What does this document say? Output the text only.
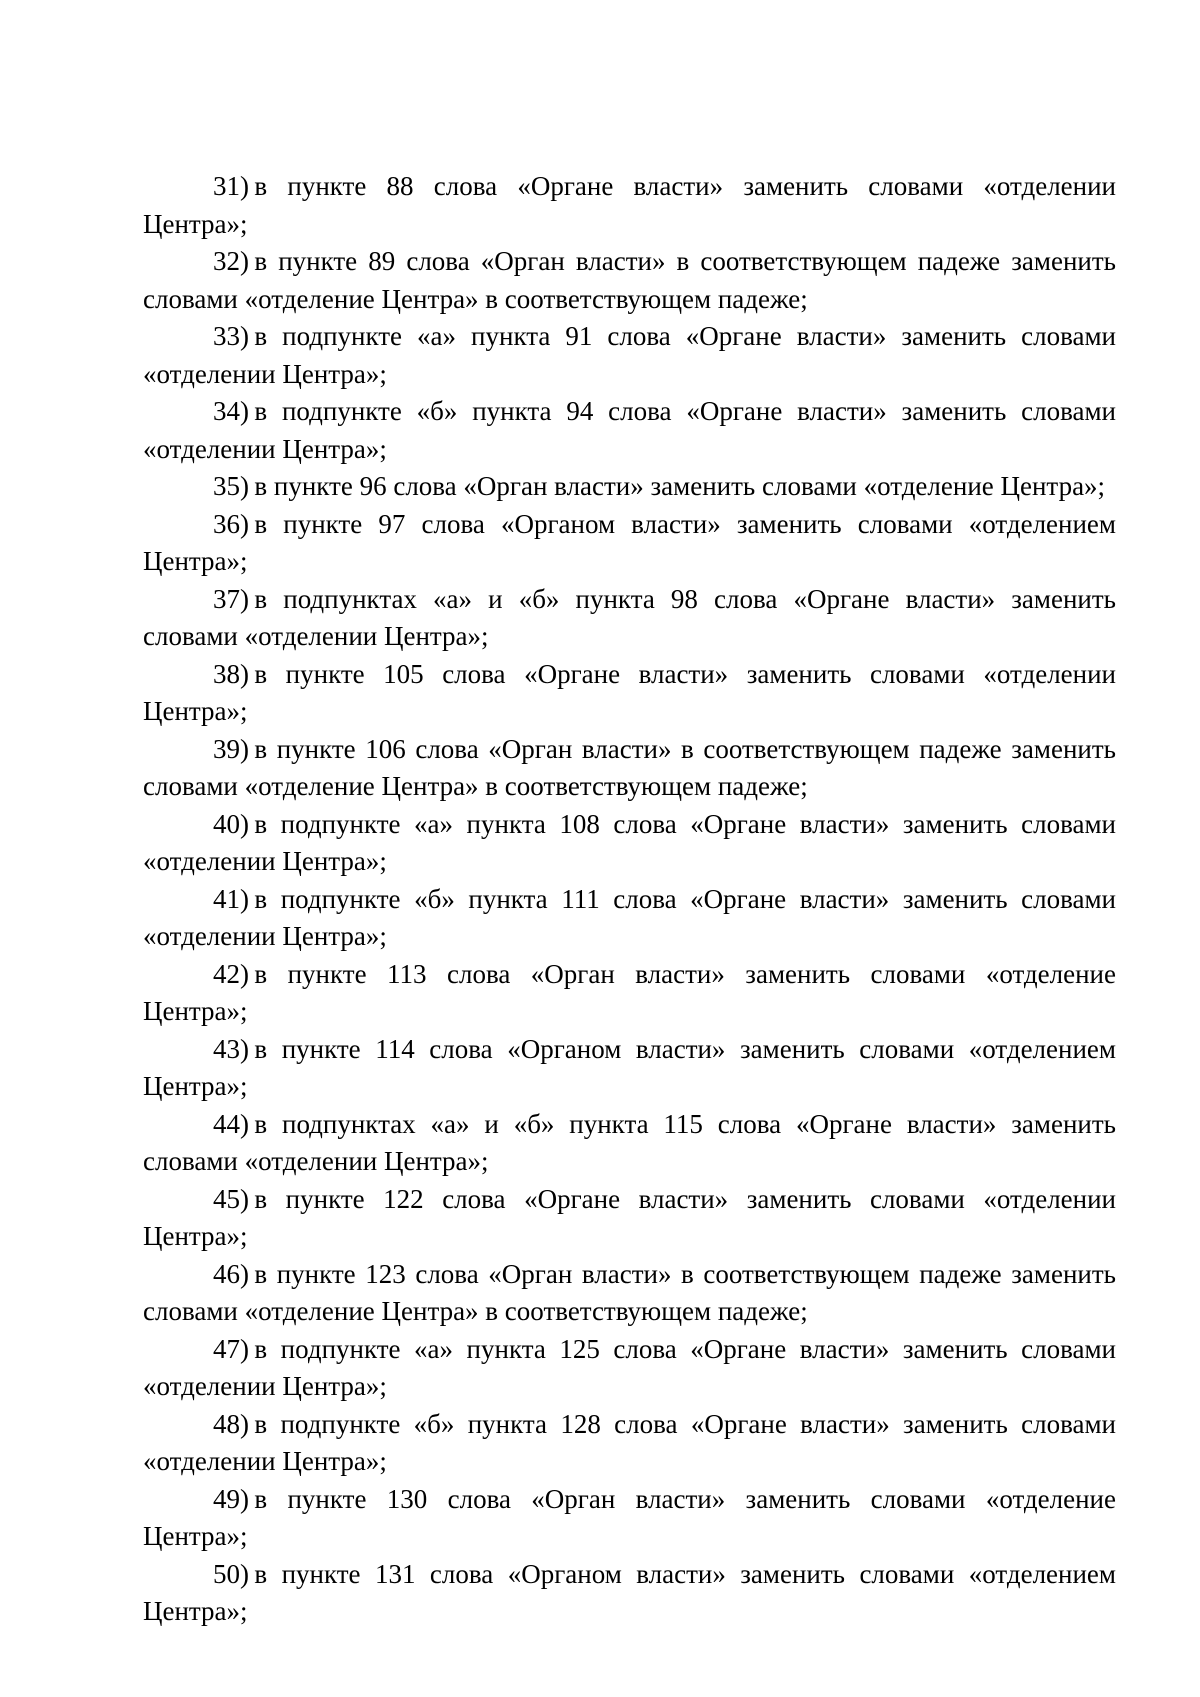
31) в пункте 88 слова «Органе власти» заменить словами «отделении Центра»;

32) в пункте 89 слова «Орган власти» в соответствующем падеже заменить словами «отделение Центра» в соответствующем падеже;

33) в подпункте «а» пункта 91 слова «Органе власти» заменить словами «отделении Центра»;

34) в подпункте «б» пункта 94 слова «Органе власти» заменить словами «отделении Центра»;

35) в пункте 96 слова «Орган власти» заменить словами «отделение Центра»;

36) в пункте 97 слова «Органом власти» заменить словами «отделением Центра»;

37) в подпунктах «а» и «б» пункта 98 слова «Органе власти» заменить словами «отделении Центра»;

38) в пункте 105 слова «Органе власти» заменить словами «отделении Центра»;

39) в пункте 106 слова «Орган власти» в соответствующем падеже заменить словами «отделение Центра» в соответствующем падеже;

40) в подпункте «а» пункта 108 слова «Органе власти» заменить словами «отделении Центра»;

41) в подпункте «б» пункта 111 слова «Органе власти» заменить словами «отделении Центра»;

42) в пункте 113 слова «Орган власти» заменить словами «отделение Центра»;

43) в пункте 114 слова «Органом власти» заменить словами «отделением Центра»;

44) в подпунктах «а» и «б» пункта 115 слова «Органе власти» заменить словами «отделении Центра»;

45) в пункте 122 слова «Органе власти» заменить словами «отделении Центра»;

46) в пункте 123 слова «Орган власти» в соответствующем падеже заменить словами «отделение Центра» в соответствующем падеже;

47) в подпункте «а» пункта 125 слова «Органе власти» заменить словами «отделении Центра»;

48) в подпункте «б» пункта 128 слова «Органе власти» заменить словами «отделении Центра»;

49) в пункте 130 слова «Орган власти» заменить словами «отделение Центра»;

50) в пункте 131 слова «Органом власти» заменить словами «отделением Центра»;
